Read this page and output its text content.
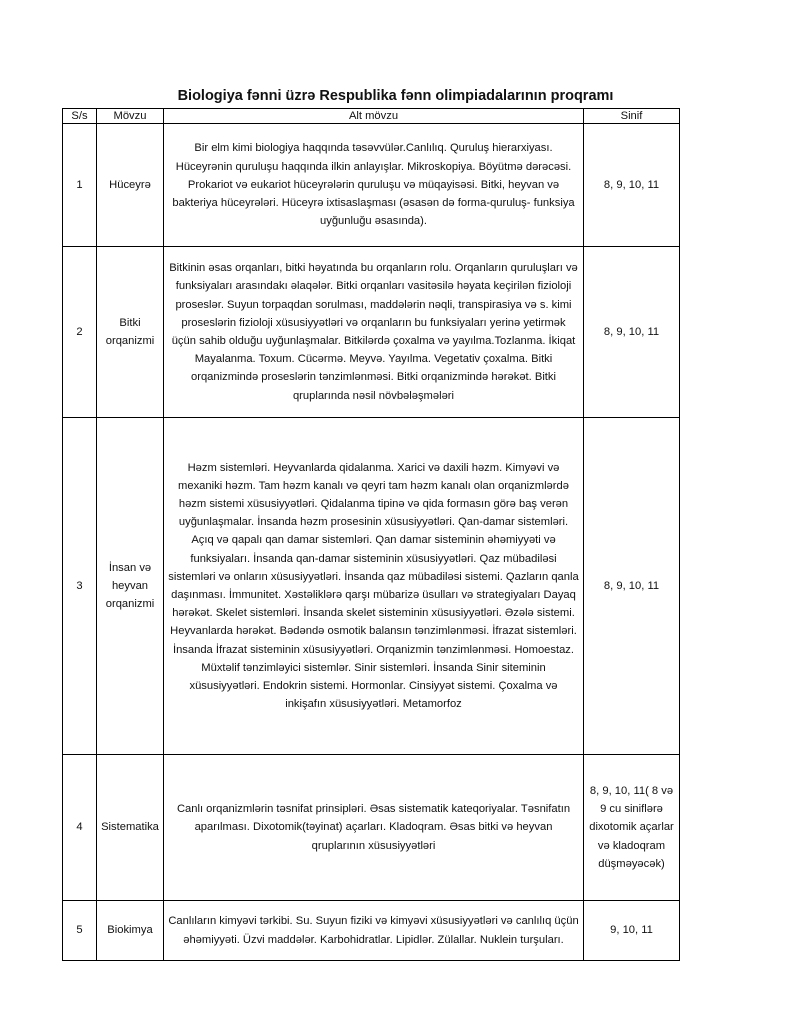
Biologiya fənni üzrə Respublika fənn olimpiadalarının proqramı
S/s	Mövzu	Alt mövzu	Sinif
1	Hüceyrə	Bir elm kimi biologiya haqqında təsəvvülər.Canlılıq. Quruluş hierarxiyası. Hüceyrənin quruluşu haqqında ilkin anlayışlar. Mikroskopiya. Böyütmə dərəcəsi. Prokariot və eukariot hüceyrələrin quruluşu və müqayisəsi. Bitki, heyvan və bakteriya hüceyrələri. Hüceyrə ixtisaslaşması (əsasən də forma-quruluş- funksiya uyğunluğu əsasında).	8, 9, 10, 11
2	Bitki orqanizmi	Bitkinin əsas orqanları, bitki həyatında bu orqanların rolu. Orqanların quruluşları və funksiyaları arasındakı əlaqələr. Bitki orqanları vasitəsilə həyata keçirilən fizioloji proseslər. Suyun torpaqdan sorulması, maddələrin nəqli, transpirasiya və s. kimi proseslərin fizioloji xüsusiyyətləri və orqanların bu funksiyaları yerinə yetirmək üçün sahib olduğu uyğunlaşmalar. Bitkilərdə çoxalma və yayılma.Tozlanma. İkiqat Mayalanma. Toxum. Cücərmə. Meyvə. Yayılma. Vegetativ çoxalma. Bitki orqanizmində proseslərin tənzimlənməsi. Bitki orqanizmində hərəkət. Bitki qruplarında nəsil növbələşmələri	8, 9, 10, 11
3	İnsan və heyvan orqanizmi	Həzm sistemləri. Heyvanlarda qidalanma. Xarici və daxili həzm. Kimyəvi və mexaniki həzm. Tam həzm kanalı və qeyri tam həzm kanalı olan orqanizmlərdə həzm sistemi xüsusiyyətləri. Qidalanma tipinə və qida formasın görə baş verən uyğunlaşmalar. İnsanda həzm prosesinin xüsusiyyətləri. Qan-damar sistemləri. Açıq və qapalı qan damar sistemləri. Qan damar sisteminin əhəmiyyəti və funksiyaları. İnsanda qan-damar sisteminin xüsusiyyətləri. Qaz mübadiləsi sistemləri və onların xüsusiyyətləri. İnsanda qaz mübadiləsi sistemi. Qazların qanla daşınması. İmmunitet. Xəstəliklərə qarşı mübarizə üsulları və strategiyaları Dayaq hərəkət. Skelet sistemləri. İnsanda skelet sisteminin xüsusiyyətləri. Əzələ sistemi. Heyvanlarda hərəkət. Bədəndə osmotik balansın tənzimlənməsi. İfrazat sistemləri. İnsanda İfrazat sisteminin xüsusiyyətləri. Orqanizmin tənzimlənməsi. Homoestaz. Müxtəlif tənzimləyici sistemlər. Sinir sistemləri. İnsanda Sinir siteminin xüsusiyyətləri. Endokrin sistemi. Hormonlar. Cinsiyyət sistemi. Çoxalma və inkişafın xüsusiyyətləri. Metamorfoz	8, 9, 10, 11
4	Sistematika	Canlı orqanizmlərin təsnifat prinsipləri. Əsas sistematik kateqoriyalar. Təsnifatın aparılması. Dixotomik(təyinat) açarları. Kladoqram. Əsas bitki və heyvan qruplarının xüsusiyyətləri	8, 9, 10, 11( 8 və 9 cu siniflərə dixotomik açarlar və kladoqram düşməyəcək)
5	Biokimya	Canlıların kimyəvi tərkibi. Su. Suyun fiziki və kimyəvi xüsusiyyətləri və canlılıq üçün əhəmiyyəti. Üzvi maddələr. Karbohidratlar. Lipidlər. Zülallar. Nuklein turşuları.	9, 10, 11
